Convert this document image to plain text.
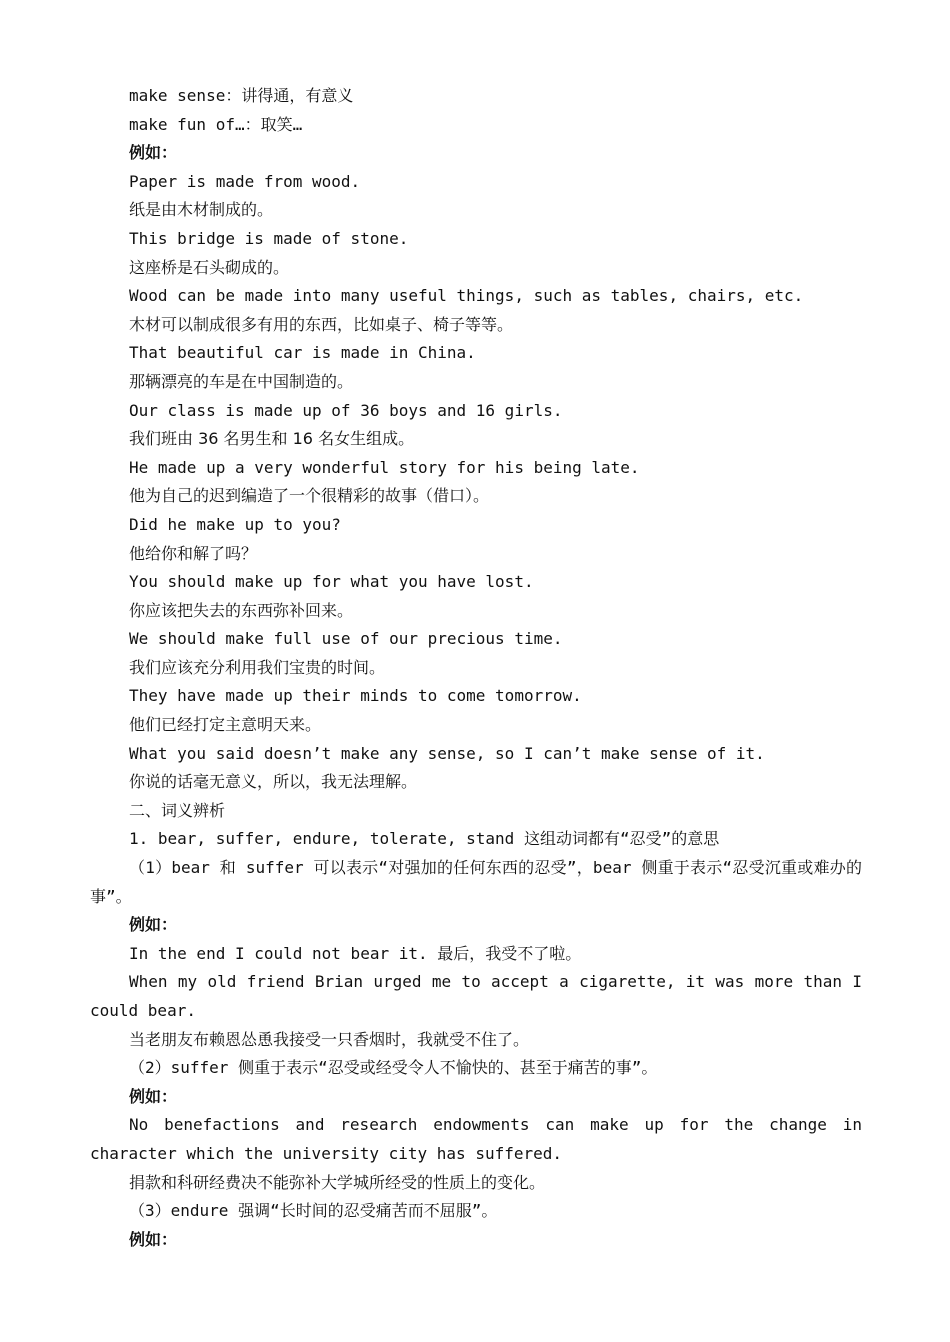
make sense：讲得通，有意义
make fun of…：取笑…
例如：
Paper is made from wood.
纸是由木材制成的。
This bridge is made of stone.
这座桥是石头砌成的。
Wood can be made into many useful things, such as tables, chairs, etc.
木材可以制成很多有用的东西，比如桌子、椅子等等。
That beautiful car is made in China.
那辆漂亮的车是在中国制造的。
Our class is made up of 36 boys and 16 girls.
我们班由 36 名男生和 16 名女生组成。
He made up a very wonderful story for his being late.
他为自己的迟到编造了一个很精彩的故事（借口）。
Did he make up to you?
他给你和解了吗？
You should make up for what you have lost.
你应该把失去的东西弥补回来。
We should make full use of our precious time.
我们应该充分利用我们宝贵的时间。
They have made up their minds to come tomorrow.
他们已经打定主意明天来。
What you said doesn’t make any sense, so I can’t make sense of it.
你说的话毫无意义，所以，我无法理解。
二、词义辨析
1. bear, suffer, endure, tolerate, stand 这组动词都有“忍受”的意思
（1）bear 和 suffer 可以表示“对强加的任何东西的忍受”，bear 侧重于表示“忍受沉重或难办的事”。
例如：
In the end I could not bear it. 最后，我受不了啦。
When my old friend Brian urged me to accept a cigarette, it was more than I could bear.
当老朋友布赖恩怂恿我接受一只香烟时，我就受不住了。
（2）suffer 侧重于表示“忍受或经受令人不愉快的、甚至于痛苦的事”。
例如：
No benefactions and research endowments can make up for the change in character which the university city has suffered.
捐款和科研经费决不能弥补大学城所经受的性质上的变化。
（3）endure 强调“长时间的忍受痛苦而不屈服”。
例如：
